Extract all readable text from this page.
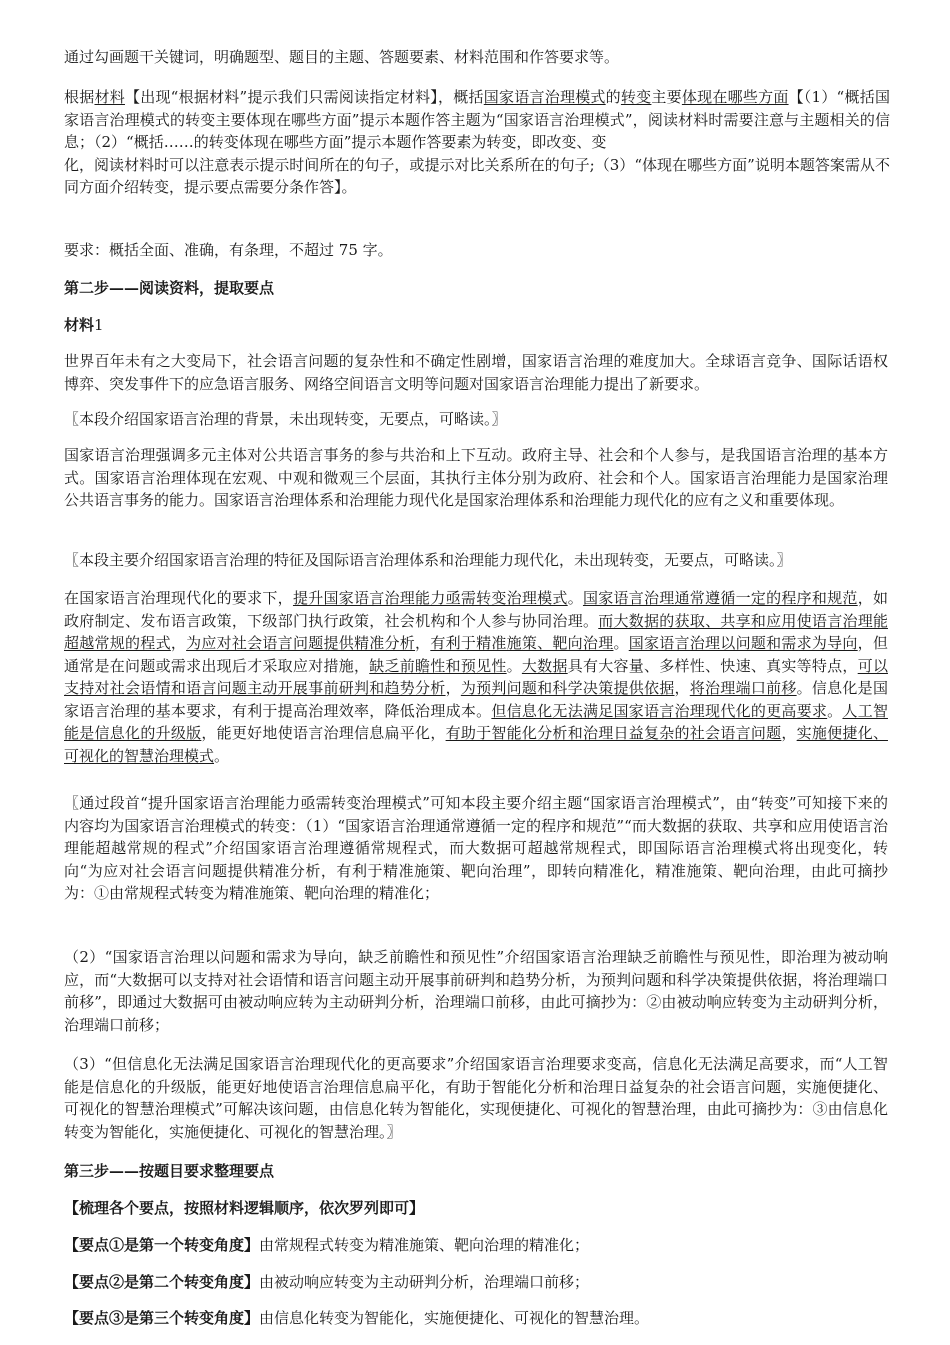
通过勾画题干关键词，明确题型、题目的主题、答题要素、材料范围和作答要求等。

根据材料【出现“根据材料”提示我们只需阅读指定材料】，概括国家语言治理模式的转变主要体现在哪些方面【（1）“概括国家语言治理模式的转变主要体现在哪些方面”提示本题作答主题为“国家语言治理模式”，阅读材料时需要注意与主题相关的信息；（2）“概括……的转变体现在哪些方面”提示本题作答要素为转变，即改变、变
化，阅读材料时可以注意表示提示时间所在的句子，或提示对比关系所在的句子;（3）“体现在哪些方面”说明本题答案需从不同方面介绍转变，提示要点需要分条作答】。

要求：概括全面、准确，有条理，不超过 75 字。

第二步——阅读资料，提取要点

材料1

世界百年未有之大变局下，社会语言问题的复杂性和不确定性剧增，国家语言治理的难度加大。全球语言竞争、国际话语权博弈、突发事件下的应急语言服务、网络空间语言文明等问题对国家语言治理能力提出了新要求。

〖本段介绍国家语言治理的背景，未出现转变，无要点，可略读。〗

国家语言治理强调多元主体对公共语言事务的参与共治和上下互动。政府主导、社会和个人参与，是我国语言治理的基本方式。国家语言治理体现在宏观、中观和微观三个层面，其执行主体分别为政府、社会和个人。国家语言治理能力是国家治理公共语言事务的能力。国家语言治理体系和治理能力现代化是国家治理体系和治理能力现代化的应有之义和重要体现。

〖本段主要介绍国家语言治理的特征及国际语言治理体系和治理能力现代化，未出现转变，无要点，可略读。〗

在国家语言治理现代化的要求下，提升国家语言治理能力亟需转变治理模式。国家语言治理通常遵循一定的程序和规范，如政府制定、发布语言政策，下级部门执行政策，社会机构和个人参与协同治理。而大数据的获取、共享和应用使语言治理能超越常规的程式，为应对社会语言问题提供精准分析，有利于精准施策、靶向治理。国家语言治理以问题和需求为导向，但通常是在问题或需求出现后才采取应对措施，缺乏前瞻性和预见性。大数据具有大容量、多样性、快速、真实等特点，可以支持对社会语情和语言问题主动开展事前研判和趋势分析，为预判问题和科学决策提供依据，将治理端口前移。信息化是国家语言治理的基本要求，有利于提高治理效率，降低治理成本。但信息化无法满足国家语言治理现代化的更高要求。人工智能是信息化的升级版，能更好地使语言治理信息扁平化，有助于智能化分析和治理日益复杂的社会语言问题，实施便捷化、可视化的智慧治理模式。

〖通过段首“提升国家语言治理能力亟需转变治理模式”可知本段主要介绍主题“国家语言治理模式”，由“转变”可知接下来的内容均为国家语言治理模式的转变：（1）“国家语言治理通常遵循一定的程序和规范”“而大数据的获取、共享和应用使语言治理能超越常规的程式”介绍国家语言治理遵循常规程式，而大数据可超越常规程式，即国际语言治理模式将出现变化，转向“为应对社会语言问题提供精准分析，有利于精准施策、靶向治理”，即转向精准化，精准施策、靶向治理，由此可摘抄为：①由常规程式转变为精准施策、靶向治理的精准化；

（2）“国家语言治理以问题和需求为导向，缺乏前瞻性和预见性”介绍国家语言治理缺乏前瞻性与预见性，即治理为被动响应，而“大数据可以支持对社会语情和语言问题主动开展事前研判和趋势分析，为预判问题和科学决策提供依据，将治理端口前移”，即通过大数据可由被动响应转为主动研判分析，治理端口前移，由此可摘抄为：②由被动响应转变为主动研判分析，治理端口前移；

（3）“但信息化无法满足国家语言治理现代化的更高要求”介绍国家语言治理要求变高，信息化无法满足高要求，而“人工智能是信息化的升级版，能更好地使语言治理信息扁平化，有助于智能化分析和治理日益复杂的社会语言问题，实施便捷化、可视化的智慧治理模式”可解决该问题，由信息化转为智能化，实现便捷化、可视化的智慧治理，由此可摘抄为：③由信息化转变为智能化，实施便捷化、可视化的智慧治理。〗

第三步——按题目要求整理要点

【梳理各个要点，按照材料逻辑顺序，依次罗列即可】

【要点①是第一个转变角度】由常规程式转变为精准施策、靶向治理的精准化；

【要点②是第二个转变角度】由被动响应转变为主动研判分析，治理端口前移；

【要点③是第三个转变角度】由信息化转变为智能化，实施便捷化、可视化的智慧治理。
